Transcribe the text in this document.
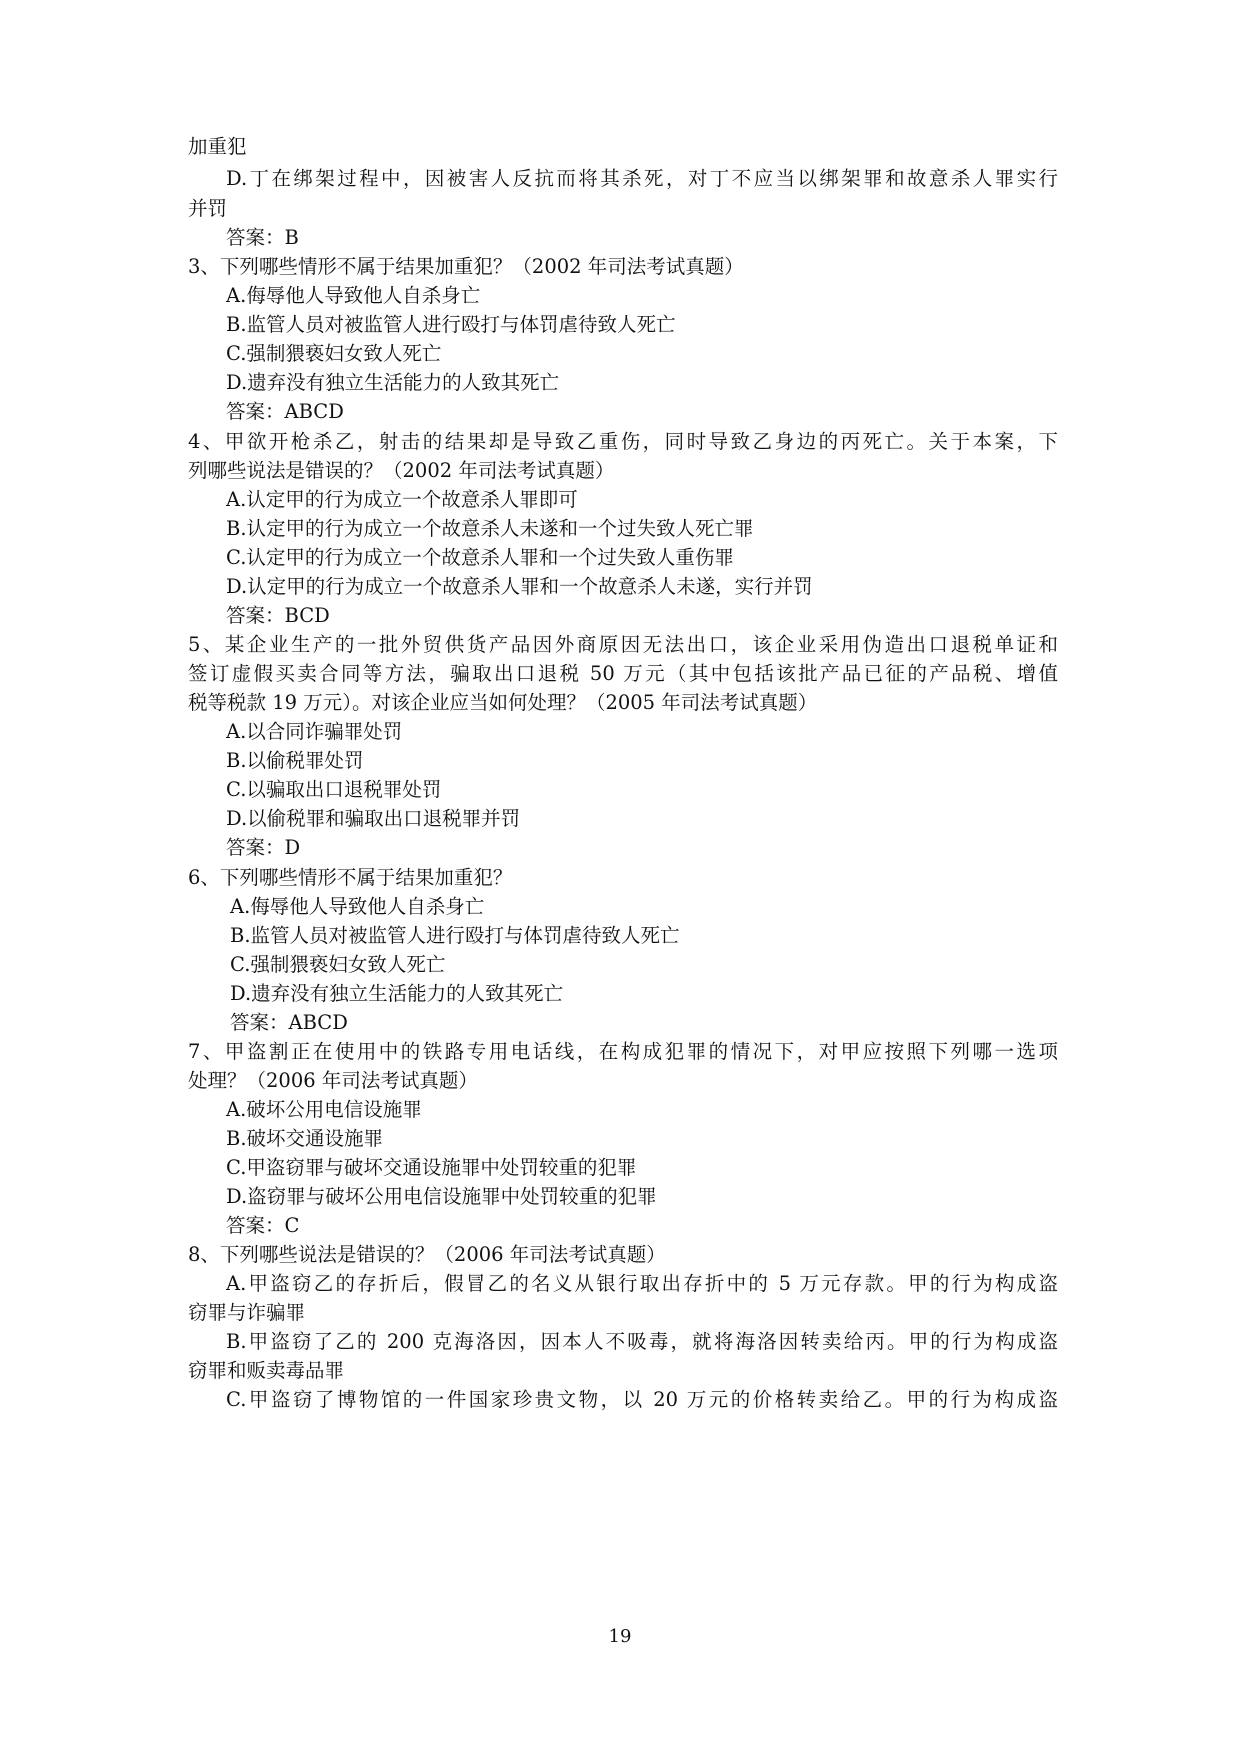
加重犯
D.丁在绑架过程中，因被害人反抗而将其杀死，对丁不应当以绑架罪和故意杀人罪实行
并罚
答案：B
3、下列哪些情形不属于结果加重犯？（2002 年司法考试真题）
A.侮辱他人导致他人自杀身亡
B.监管人员对被监管人进行殴打与体罚虐待致人死亡
C.强制猥亵妇女致人死亡
D.遗弃没有独立生活能力的人致其死亡
答案：ABCD
4、甲欲开枪杀乙，射击的结果却是导致乙重伤，同时导致乙身边的丙死亡。关于本案，下
列哪些说法是错误的？（2002 年司法考试真题）
A.认定甲的行为成立一个故意杀人罪即可
B.认定甲的行为成立一个故意杀人未遂和一个过失致人死亡罪
C.认定甲的行为成立一个故意杀人罪和一个过失致人重伤罪
D.认定甲的行为成立一个故意杀人罪和一个故意杀人未遂，实行并罚
答案：BCD
5、某企业生产的一批外贸供货产品因外商原因无法出口，该企业采用伪造出口退税单证和
签订虚假买卖合同等方法，骗取出口退税 50 万元（其中包括该批产品已征的产品税、增值
税等税款 19 万元）。对该企业应当如何处理？（2005 年司法考试真题）
A.以合同诈骗罪处罚
B.以偷税罪处罚
C.以骗取出口退税罪处罚
D.以偷税罪和骗取出口退税罪并罚
答案：D
6、下列哪些情形不属于结果加重犯？
A.侮辱他人导致他人自杀身亡
B.监管人员对被监管人进行殴打与体罚虐待致人死亡
C.强制猥亵妇女致人死亡
D.遗弃没有独立生活能力的人致其死亡
答案：ABCD
7、甲盗割正在使用中的铁路专用电话线，在构成犯罪的情况下，对甲应按照下列哪一选项
处理？（2006 年司法考试真题）
A.破坏公用电信设施罪
B.破坏交通设施罪
C.甲盗窃罪与破坏交通设施罪中处罚较重的犯罪
D.盗窃罪与破坏公用电信设施罪中处罚较重的犯罪
答案：C
8、下列哪些说法是错误的？（2006 年司法考试真题）
A.甲盗窃乙的存折后，假冒乙的名义从银行取出存折中的 5 万元存款。甲的行为构成盗
窃罪与诈骗罪
B.甲盗窃了乙的 200 克海洛因，因本人不吸毒，就将海洛因转卖给丙。甲的行为构成盗
窃罪和贩卖毒品罪
C.甲盗窃了博物馆的一件国家珍贵文物，以 20 万元的价格转卖给乙。甲的行为构成盗
19
